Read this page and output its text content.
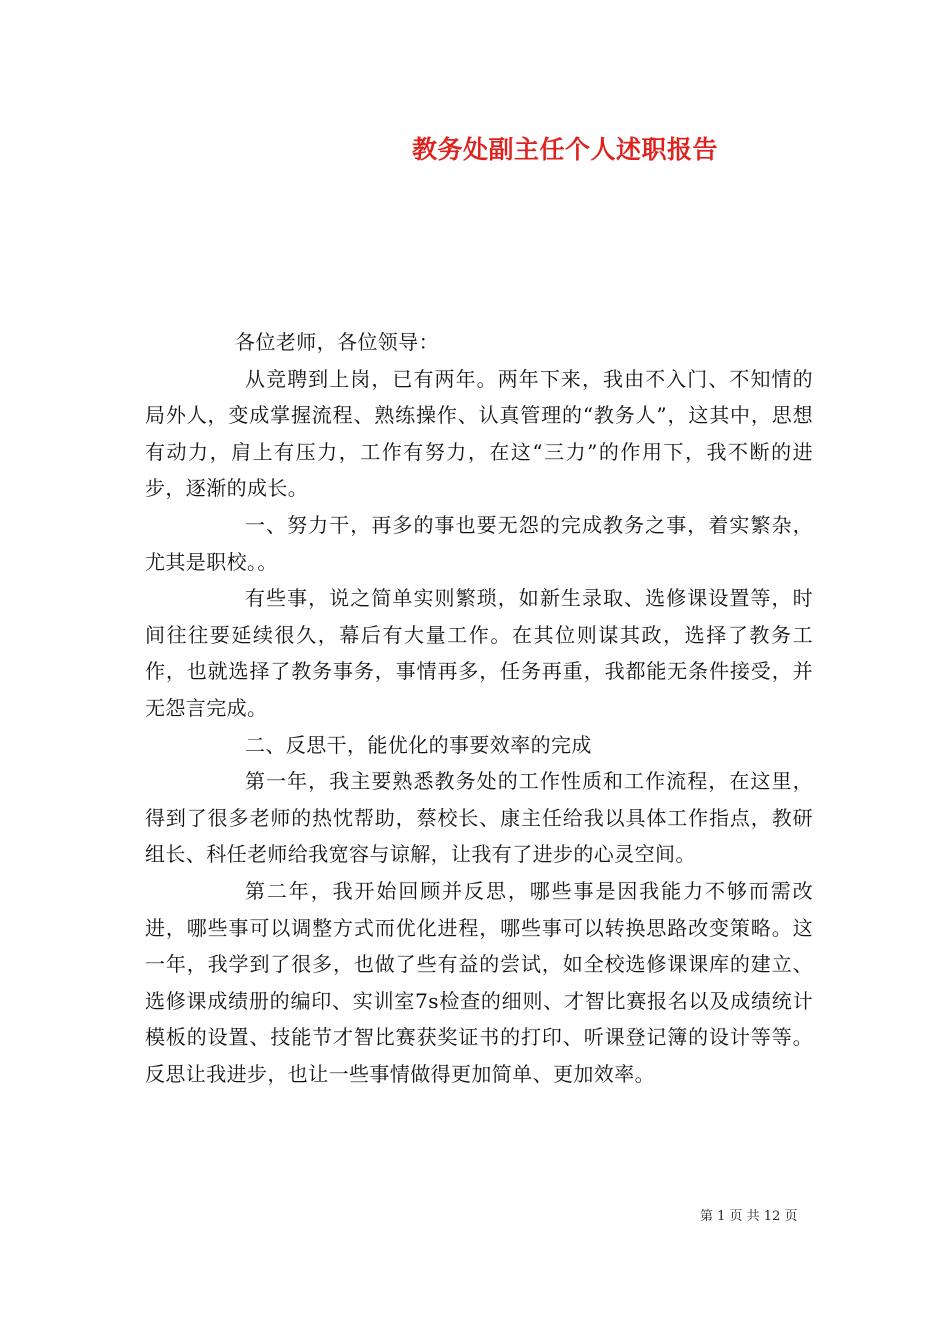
教务处副主任个人述职报告

各位老师，各位领导：

从竞聘到上岗，已有两年。两年下来，我由不入门、不知情的局外人，变成掌握流程、熟练操作、认真管理的“教务人”，这其中，思想有动力，肩上有压力，工作有努力，在这“三力”的作用下，我不断的进步，逐渐的成长。

一、努力干，再多的事也要无怨的完成教务之事，着实繁杂，尤其是职校。。

有些事，说之简单实则繁琐，如新生录取、选修课设置等，时间往往要延续很久，幕后有大量工作。在其位则谋其政，选择了教务工作，也就选择了教务事务，事情再多，任务再重，我都能无条件接受，并无怨言完成。

二、反思干，能优化的事要效率的完成

第一年，我主要熟悉教务处的工作性质和工作流程，在这里，得到了很多老师的热忱帮助，蔡校长、康主任给我以具体工作指点，教研组长、科任老师给我宽容与谅解，让我有了进步的心灵空间。

第二年，我开始回顾并反思，哪些事是因我能力不够而需改进，哪些事可以调整方式而优化进程，哪些事可以转换思路改变策略。这一年，我学到了很多，也做了些有益的尝试，如全校选修课课库的建立、选修课成绩册的编印、实训室7s检查的细则、才智比赛报名以及成绩统计模板的设置、技能节才智比赛获奖证书的打印、听课登记簿的设计等等。反思让我进步，也让一些事情做得更加简单、更加效率。

第 1 页 共 12 页
